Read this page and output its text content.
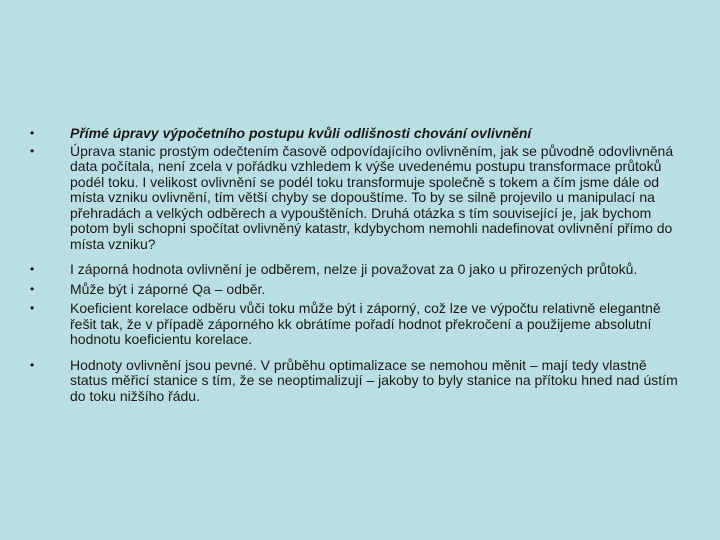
•	Přímé úpravy výpočetního postupu kvůli odlišnosti chování ovlivnění
•	Úprava stanic prostým odečtením časově odpovídajícího ovlivněním, jak se původně odovlivněná data počítala, není zcela v pořádku vzhledem k výše uvedenému postupu transformace průtoků podél toku. I velikost ovlivnění se podél toku transformuje společně s tokem a čím jsme dále od místa vzniku ovlivnění, tím větší chyby se dopouštíme. To by se silně projevilo u manipulací na přehradách a velkých odběrech a vypouštěních. Druhá otázka s tím související je, jak bychom potom byli schopni spočítat ovlivněný katastr, kdybychom nemohli nadefinovat ovlivnění přímo do místa vzniku?
•	I záporná hodnota ovlivnění je odběrem, nelze ji považovat za 0 jako u přirozených průtoků.
•	Může být i záporné Qa – odběr.
•	Koeficient korelace odběru vůči toku může být i záporný, což lze ve výpočtu relativně elegantně řešit tak, že v případě záporného kk obrátíme pořadí hodnot překročení a použijeme absolutní hodnotu koeficientu korelace.
•	Hodnoty ovlivnění jsou pevné. V průběhu optimalizace se nemohou měnit – mají tedy vlastně status měřicí stanice s tím, že se neoptimalizují – jakoby to byly stanice na přítoku hned nad ústím do toku nižšího řádu.
